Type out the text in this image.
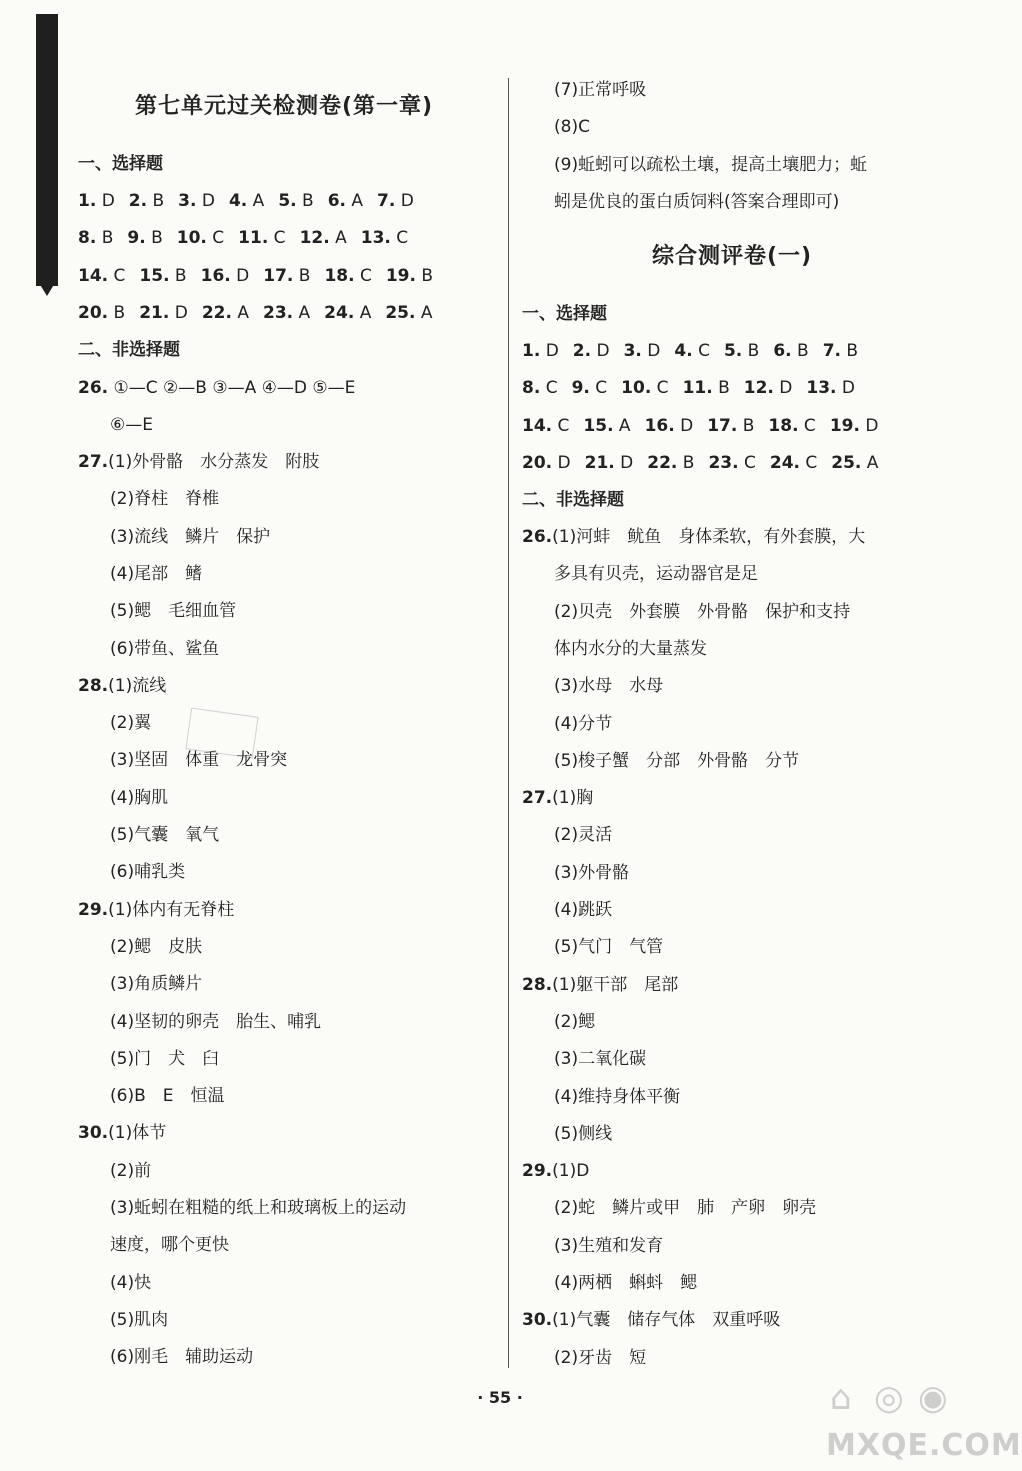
第七单元过关检测卷(第一章)
一、选择题
1. D 2. B 3. D 4. A 5. B 6. A 7. D
8. B 9. B 10. C 11. C 12. A 13. C
14. C 15. B 16. D 17. B 18. C 19. B
20. B 21. D 22. A 23. A 24. A 25. A
二、非选择题
26. ①—C ②—B ③—A ④—D ⑤—E
⑥—E
27.(1)外骨骼　水分蒸发　附肢
(2)脊柱　脊椎
(3)流线　鳞片　保护
(4)尾部　鳍
(5)鳃　毛细血管
(6)带鱼、鲨鱼
28.(1)流线
(2)翼
(3)坚固　体重　龙骨突
(4)胸肌
(5)气囊　氧气
(6)哺乳类
29.(1)体内有无脊柱
(2)鳃　皮肤
(3)角质鳞片
(4)坚韧的卵壳　胎生、哺乳
(5)门　犬　臼
(6)B　E　恒温
30.(1)体节
(2)前
(3)蚯蚓在粗糙的纸上和玻璃板上的运动
速度，哪个更快
(4)快
(5)肌肉
(6)刚毛　辅助运动
(7)正常呼吸
(8)C
(9)蚯蚓可以疏松土壤，提高土壤肥力；蚯
蚓是优良的蛋白质饲料(答案合理即可)
综合测评卷(一)
一、选择题
1. D 2. D 3. D 4. C 5. B 6. B 7. B
8. C 9. C 10. C 11. B 12. D 13. D
14. C 15. A 16. D 17. B 18. C 19. D
20. D 21. D 22. B 23. C 24. C 25. A
二、非选择题
26.(1)河蚌　鱿鱼　身体柔软，有外套膜，大
多具有贝壳，运动器官是足
(2)贝壳　外套膜　外骨骼　保护和支持
体内水分的大量蒸发
(3)水母　水母
(4)分节
(5)梭子蟹　分部　外骨骼　分节
27.(1)胸
(2)灵活
(3)外骨骼
(4)跳跃
(5)气门　气管
28.(1)躯干部　尾部
(2)鳃
(3)二氧化碳
(4)维持身体平衡
(5)侧线
29.(1)D
(2)蛇　鳞片或甲　肺　产卵　卵壳
(3)生殖和发育
(4)两栖　蝌蚪　鳃
30.(1)气囊　储存气体　双重呼吸
(2)牙齿　短
· 55 ·	⌂ ◎ ◉
MXQE.COM
